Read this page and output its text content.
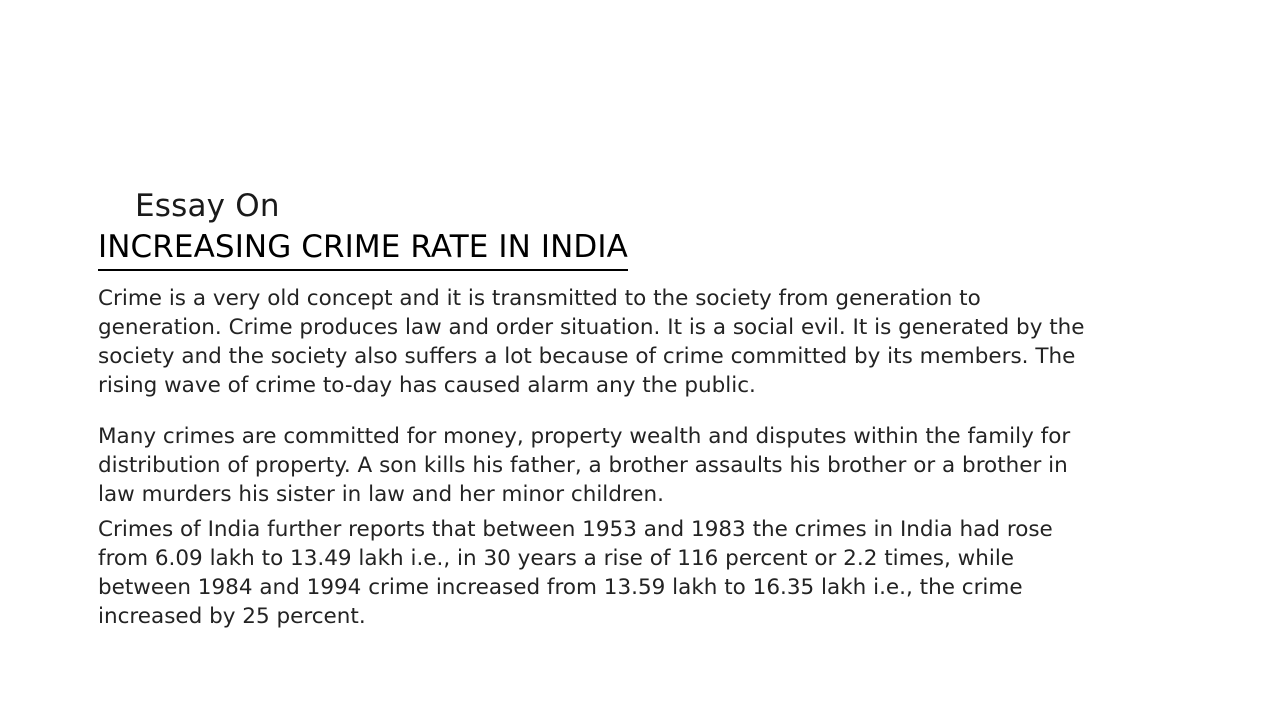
Essay On
INCREASING CRIME RATE IN INDIA

Crime is a very old concept and it is transmitted to the society from generation to generation. Crime produces law and order situation. It is a social evil. It is generated by the society and the society also suffers a lot because of crime committed by its members. The rising wave of crime to-day has caused alarm any the public.

Many crimes are committed for money, property wealth and disputes within the family for distribution of property. A son kills his father, a brother assaults his brother or a brother in law murders his sister in law and her minor children.

Crimes of India further reports that between 1953 and 1983 the crimes in India had rose from 6.09 lakh to 13.49 lakh i.e., in 30 years a rise of 116 percent or 2.2 times, while between 1984 and 1994 crime increased from 13.59 lakh to 16.35 lakh i.e., the crime increased by 25 percent.
